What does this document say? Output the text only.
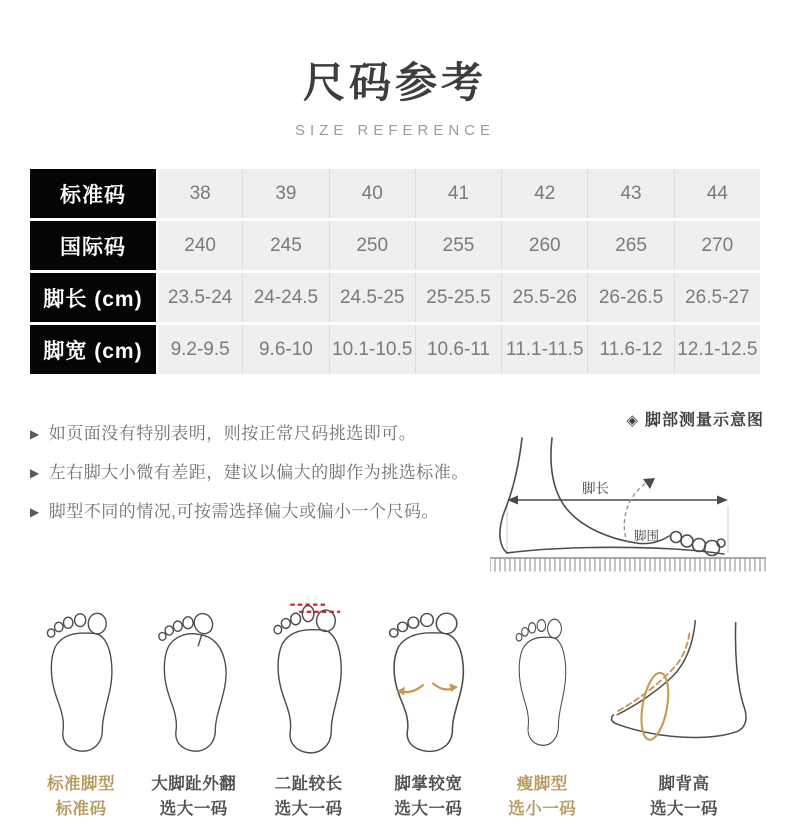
尺码参考
SIZE REFERENCE
标准码	38	39	40	41	42	43	44
国际码	240	245	250	255	260	265	270
脚长 (cm)	23.5-24	24-24.5	24.5-25	25-25.5	25.5-26	26-26.5	26.5-27
脚宽 (cm)	9.2-9.5	9.6-10	10.1-10.5	10.6-11	11.1-11.5	11.6-12	12.1-12.5
▶ 如页面没有特别表明，则按正常尺码挑选即可。
▶ 左右脚大小微有差距，建议以偏大的脚作为挑选标准。
▶ 脚型不同的情况,可按需选择偏大或偏小一个尺码。
◈ 脚部测量示意图
脚长
脚围
标准脚型
标准码
大脚趾外翻
选大一码
二趾较长
选大一码
脚掌较宽
选大一码
瘦脚型
选小一码
脚背高
选大一码
